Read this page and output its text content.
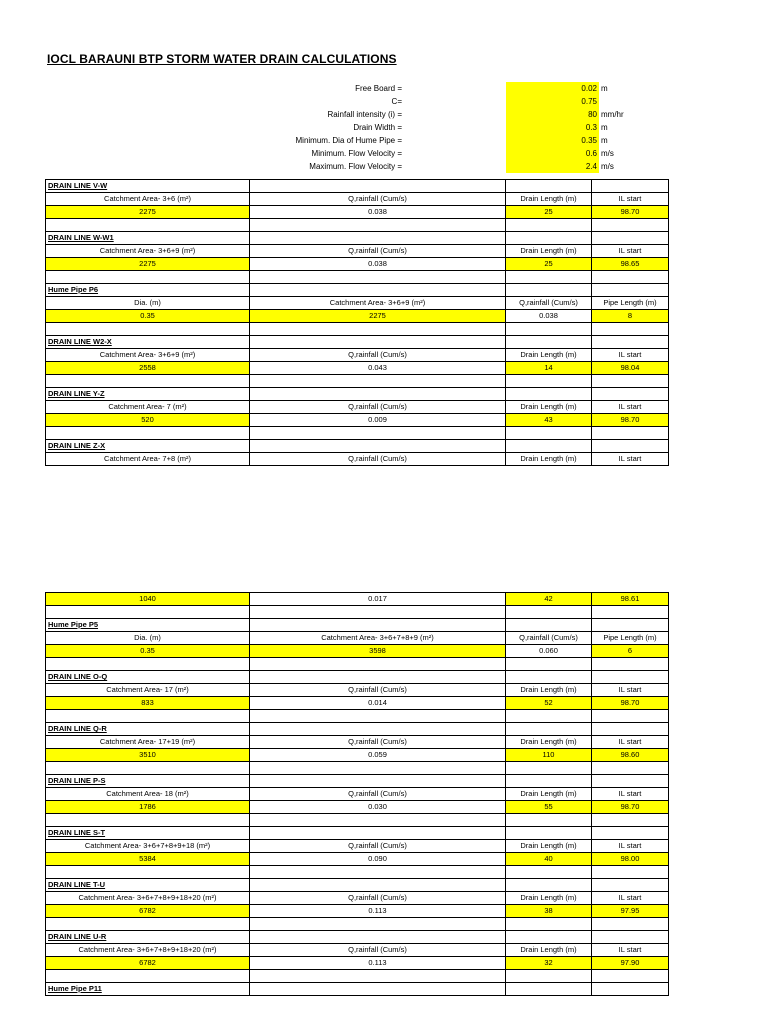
IOCL BARAUNI BTP STORM WATER DRAIN CALCULATIONS
Free Board =	0.02 m
C=	0.75
Rainfall intensity (i) =	80 mm/hr
Drain Width =	0.3 m
Minimum. Dia of Hume Pipe =	0.35 m
Minimum. Flow Velocity =	0.6 m/s
Maximum. Flow Velocity =	2.4 m/s
DRAIN LINE V-W			
Catchment Area- 3+6 (m²)	Q,rainfall (Cum/s)	Drain Length (m)	IL start
2275	0.038	25	98.70

DRAIN LINE W-W1			
Catchment Area- 3+6+9 (m²)	Q,rainfall (Cum/s)	Drain Length (m)	IL start
2275	0.038	25	98.65

Hume Pipe P6			
Dia. (m)	Catchment Area- 3+6+9 (m²)	Q,rainfall (Cum/s)	Pipe Length (m)
0.35	2275	0.038	8

DRAIN LINE W2-X			
Catchment Area- 3+6+9 (m²)	Q,rainfall (Cum/s)	Drain Length (m)	IL start
2558	0.043	14	98.04

DRAIN LINE Y-Z			
Catchment Area- 7 (m²)	Q,rainfall (Cum/s)	Drain Length (m)	IL start
520	0.009	43	98.70

DRAIN LINE Z-X			
Catchment Area- 7+8 (m²)	Q,rainfall (Cum/s)	Drain Length (m)	IL start
1040	0.017	42	98.61

Hume Pipe P5			
Dia. (m)	Catchment Area- 3+6+7+8+9 (m²)	Q,rainfall (Cum/s)	Pipe Length (m)
0.35	3598	0.060	6

DRAIN LINE O-Q			
Catchment Area- 17 (m²)	Q,rainfall (Cum/s)	Drain Length (m)	IL start
833	0.014	52	98.70

DRAIN LINE Q-R			
Catchment Area- 17+19 (m²)	Q,rainfall (Cum/s)	Drain Length (m)	IL start
3510	0.059	110	98.60

DRAIN LINE P-S			
Catchment Area- 18 (m²)	Q,rainfall (Cum/s)	Drain Length (m)	IL start
1786	0.030	55	98.70

DRAIN LINE S-T			
Catchment Area- 3+6+7+8+9+18 (m²)	Q,rainfall (Cum/s)	Drain Length (m)	IL start
5384	0.090	40	98.00

DRAIN LINE T-U			
Catchment Area- 3+6+7+8+9+18+20 (m²)	Q,rainfall (Cum/s)	Drain Length (m)	IL start
6782	0.113	38	97.95

DRAIN LINE U-R			
Catchment Area- 3+6+7+8+9+18+20 (m²)	Q,rainfall (Cum/s)	Drain Length (m)	IL start
6782	0.113	32	97.90

Hume Pipe P11			
